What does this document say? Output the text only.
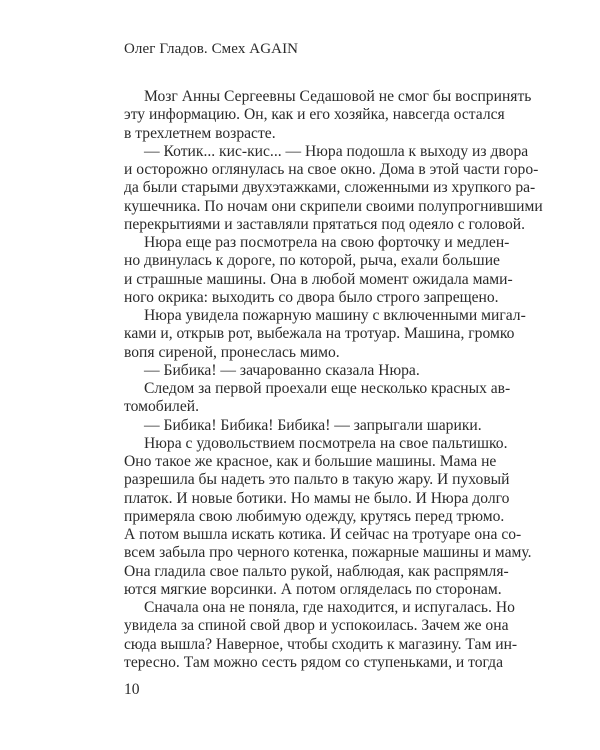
Олег Гладов. Смех AGAIN
Мозг Анны Сергеевны Седашовой не смог бы воспринять
эту информацию. Он, как и его хозяйка, навсегда остался
в трехлетнем возрасте.
— Котик... кис-кис... — Нюра подошла к выходу из двора
и осторожно оглянулась на свое окно. Дома в этой части горо-
да были старыми двухэтажками, сложенными из хрупкого ра-
кушечника. По ночам они скрипели своими полупрогнившими
перекрытиями и заставляли прятаться под одеяло с головой.
Нюра еще раз посмотрела на свою форточку и медлен-
но двинулась к дороге, по которой, рыча, ехали большие
и страшные машины. Она в любой момент ожидала мами-
ного окрика: выходить со двора было строго запрещено.
Нюра увидела пожарную машину с включенными мигал-
ками и, открыв рот, выбежала на тротуар. Машина, громко
вопя сиреной, пронеслась мимо.
— Бибика! — зачарованно сказала Нюра.
Следом за первой проехали еще несколько красных ав-
томобилей.
— Бибика! Бибика! Бибика! — запрыгали шарики.
Нюра с удовольствием посмотрела на свое пальтишко.
Оно такое же красное, как и большие машины. Мама не
разрешила бы надеть это пальто в такую жару. И пуховый
платок. И новые ботики. Но мамы не было. И Нюра долго
примеряла свою любимую одежду, крутясь перед трюмо.
А потом вышла искать котика. И сейчас на тротуаре она со-
всем забыла про черного котенка, пожарные машины и маму.
Она гладила свое пальто рукой, наблюдая, как распрямля-
ются мягкие ворсинки. А потом огляделась по сторонам.
Сначала она не поняла, где находится, и испугалась. Но
увидела за спиной свой двор и успокоилась. Зачем же она
сюда вышла? Наверное, чтобы сходить к магазину. Там ин-
тересно. Там можно сесть рядом со ступеньками, и тогда
10
